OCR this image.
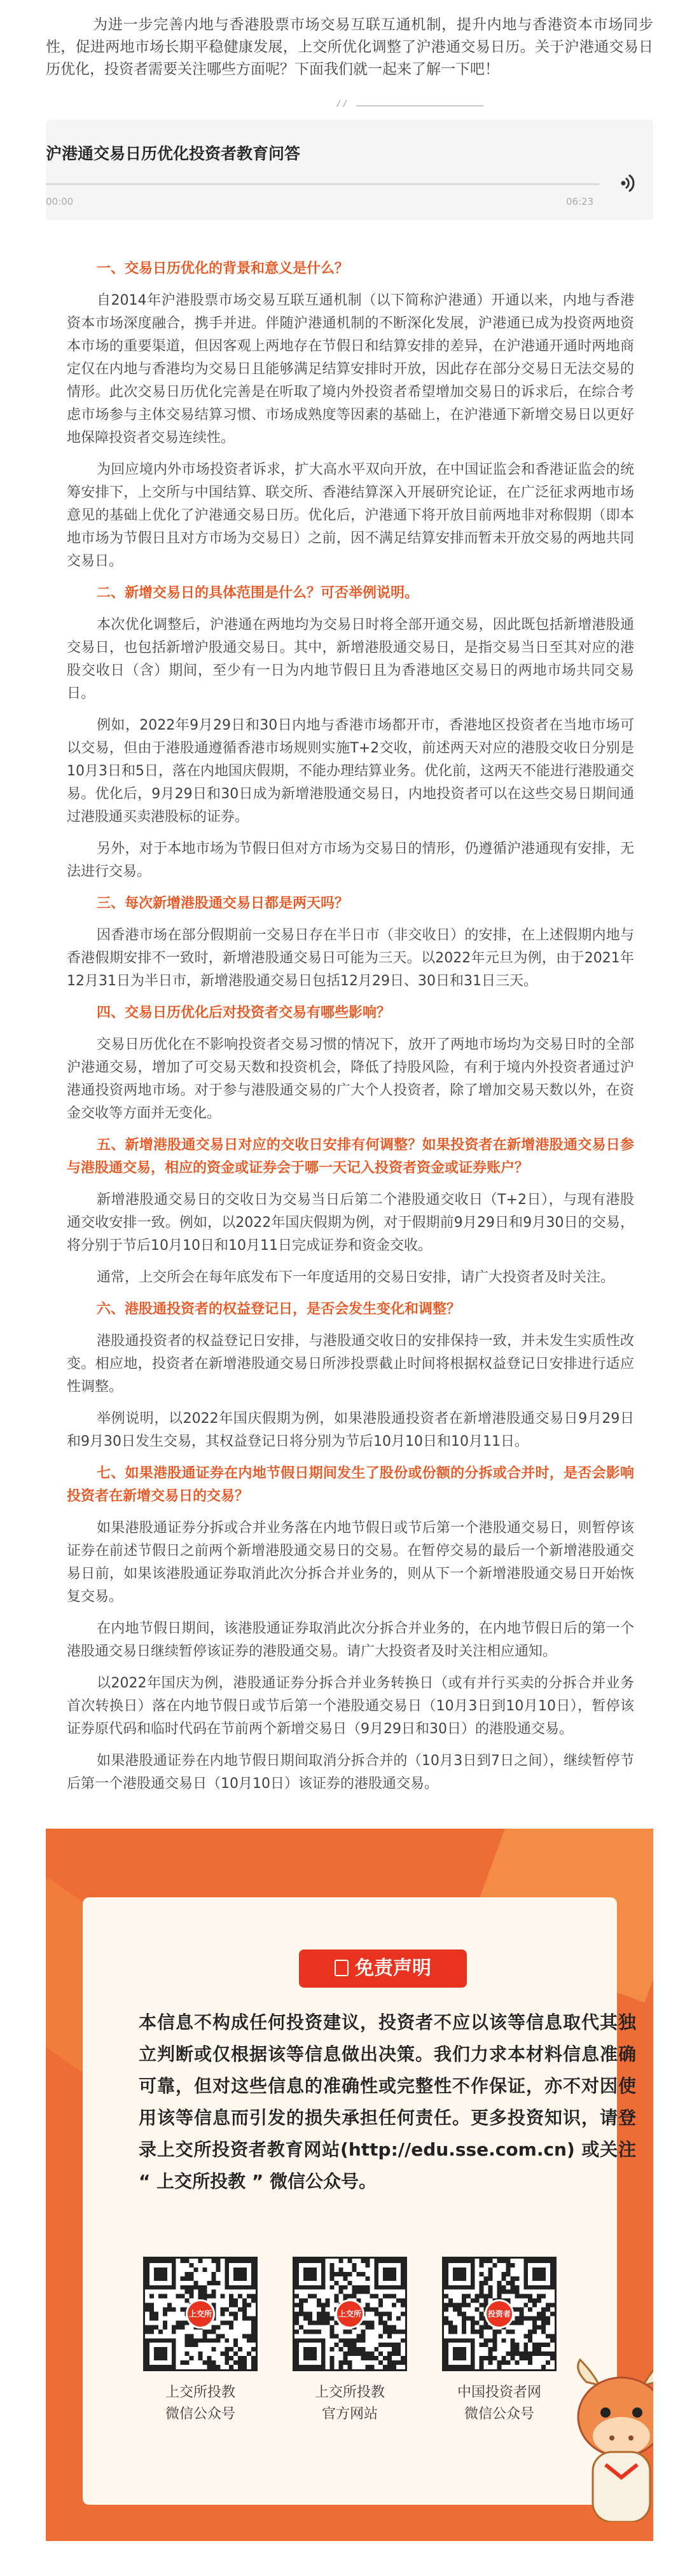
为进一步完善内地与香港股票市场交易互联互通机制，提升内地与香港资本市场同步性，促进两地市场长期平稳健康发展，上交所优化调整了沪港通交易日历。关于沪港通交易日历优化，投资者需要关注哪些方面呢？下面我们就一起来了解一下吧！
/ /
沪港通交易日历优化投资者教育问答
00:00	06:23
一、交易日历优化的背景和意义是什么？

自2014年沪港股票市场交易互联互通机制（以下简称沪港通）开通以来，内地与香港资本市场深度融合，携手并进。伴随沪港通机制的不断深化发展，沪港通已成为投资两地资本市场的重要渠道，但因客观上两地存在节假日和结算安排的差异，在沪港通开通时两地商定仅在内地与香港均为交易日且能够满足结算安排时开放，因此存在部分交易日无法交易的情形。此次交易日历优化完善是在听取了境内外投资者希望增加交易日的诉求后，在综合考虑市场参与主体交易结算习惯、市场成熟度等因素的基础上，在沪港通下新增交易日以更好地保障投资者交易连续性。

为回应境内外市场投资者诉求，扩大高水平双向开放，在中国证监会和香港证监会的统筹安排下，上交所与中国结算、联交所、香港结算深入开展研究论证，在广泛征求两地市场意见的基础上优化了沪港通交易日历。优化后，沪港通下将开放目前两地非对称假期（即本地市场为节假日且对方市场为交易日）之前，因不满足结算安排而暂未开放交易的两地共同交易日。

二、新增交易日的具体范围是什么？可否举例说明。

本次优化调整后，沪港通在两地均为交易日时将全部开通交易，因此既包括新增港股通交易日，也包括新增沪股通交易日。其中，新增港股通交易日，是指交易当日至其对应的港股交收日（含）期间，至少有一日为内地节假日且为香港地区交易日的两地市场共同交易日。

例如，2022年9月29日和30日内地与香港市场都开市，香港地区投资者在当地市场可以交易，但由于港股通遵循香港市场规则实施T+2交收，前述两天对应的港股交收日分别是10月3日和5日，落在内地国庆假期，不能办理结算业务。优化前，这两天不能进行港股通交易。优化后，9月29日和30日成为新增港股通交易日，内地投资者可以在这些交易日期间通过港股通买卖港股标的证券。

另外，对于本地市场为节假日但对方市场为交易日的情形，仍遵循沪港通现有安排，无法进行交易。

三、每次新增港股通交易日都是两天吗？

因香港市场在部分假期前一交易日存在半日市（非交收日）的安排，在上述假期内地与香港假期安排不一致时，新增港股通交易日可能为三天。以2022年元旦为例，由于2021年12月31日为半日市，新增港股通交易日包括12月29日、30日和31日三天。

四、交易日历优化后对投资者交易有哪些影响？

交易日历优化在不影响投资者交易习惯的情况下，放开了两地市场均为交易日时的全部沪港通交易，增加了可交易天数和投资机会，降低了持股风险，有利于境内外投资者通过沪港通投资两地市场。对于参与港股通交易的广大个人投资者，除了增加交易天数以外，在资金交收等方面并无变化。

五、新增港股通交易日对应的交收日安排有何调整？如果投资者在新增港股通交易日参与港股通交易，相应的资金或证券会于哪一天记入投资者资金或证券账户？

新增港股通交易日的交收日为交易当日后第二个港股通交收日（T+2日），与现有港股通交收安排一致。例如，以2022年国庆假期为例，对于假期前9月29日和9月30日的交易，将分别于节后10月10日和10月11日完成证券和资金交收。

通常，上交所会在每年底发布下一年度适用的交易日安排，请广大投资者及时关注。

六、港股通投资者的权益登记日，是否会发生变化和调整？

港股通投资者的权益登记日安排，与港股通交收日的安排保持一致，并未发生实质性改变。相应地，投资者在新增港股通交易日所涉投票截止时间将根据权益登记日安排进行适应性调整。

举例说明，以2022年国庆假期为例，如果港股通投资者在新增港股通交易日9月29日和9月30日发生交易，其权益登记日将分别为节后10月10日和10月11日。

七、如果港股通证券在内地节假日期间发生了股份或份额的分拆或合并时，是否会影响投资者在新增交易日的交易？

如果港股通证券分拆或合并业务落在内地节假日或节后第一个港股通交易日，则暂停该证券在前述节假日之前两个新增港股通交易日的交易。在暂停交易的最后一个新增港股通交易日前，如果该港股通证券取消此次分拆合并业务的，则从下一个新增港股通交易日开始恢复交易。

在内地节假日期间，该港股通证券取消此次分拆合并业务的，在内地节假日后的第一个港股通交易日继续暂停该证券的港股通交易。请广大投资者及时关注相应通知。

以2022年国庆为例，港股通证券分拆合并业务转换日（或有并行买卖的分拆合并业务首次转换日）落在内地节假日或节后第一个港股通交易日（10月3日到10月10日），暂停该证券原代码和临时代码在节前两个新增交易日（9月29日和30日）的港股通交易。

如果港股通证券在内地节假日期间取消分拆合并的（10月3日到7日之间），继续暂停节后第一个港股通交易日（10月10日）该证券的港股通交易。

免责声明
本信息不构成任何投资建议，投资者不应以该等信息取代其独立判断或仅根据该等信息做出决策。我们力求本材料信息准确可靠，但对这些信息的准确性或完整性不作保证，亦不对因使用该等信息而引发的损失承担任何责任。更多投资知识，请登录上交所投资者教育网站(http://edu.sse.com.cn) 或关注 “ 上交所投教 ” 微信公众号。
上交所	上交所	投资者
上交所投教
微信公众号
上交所投教
官方网站
中国投资者网
微信公众号
